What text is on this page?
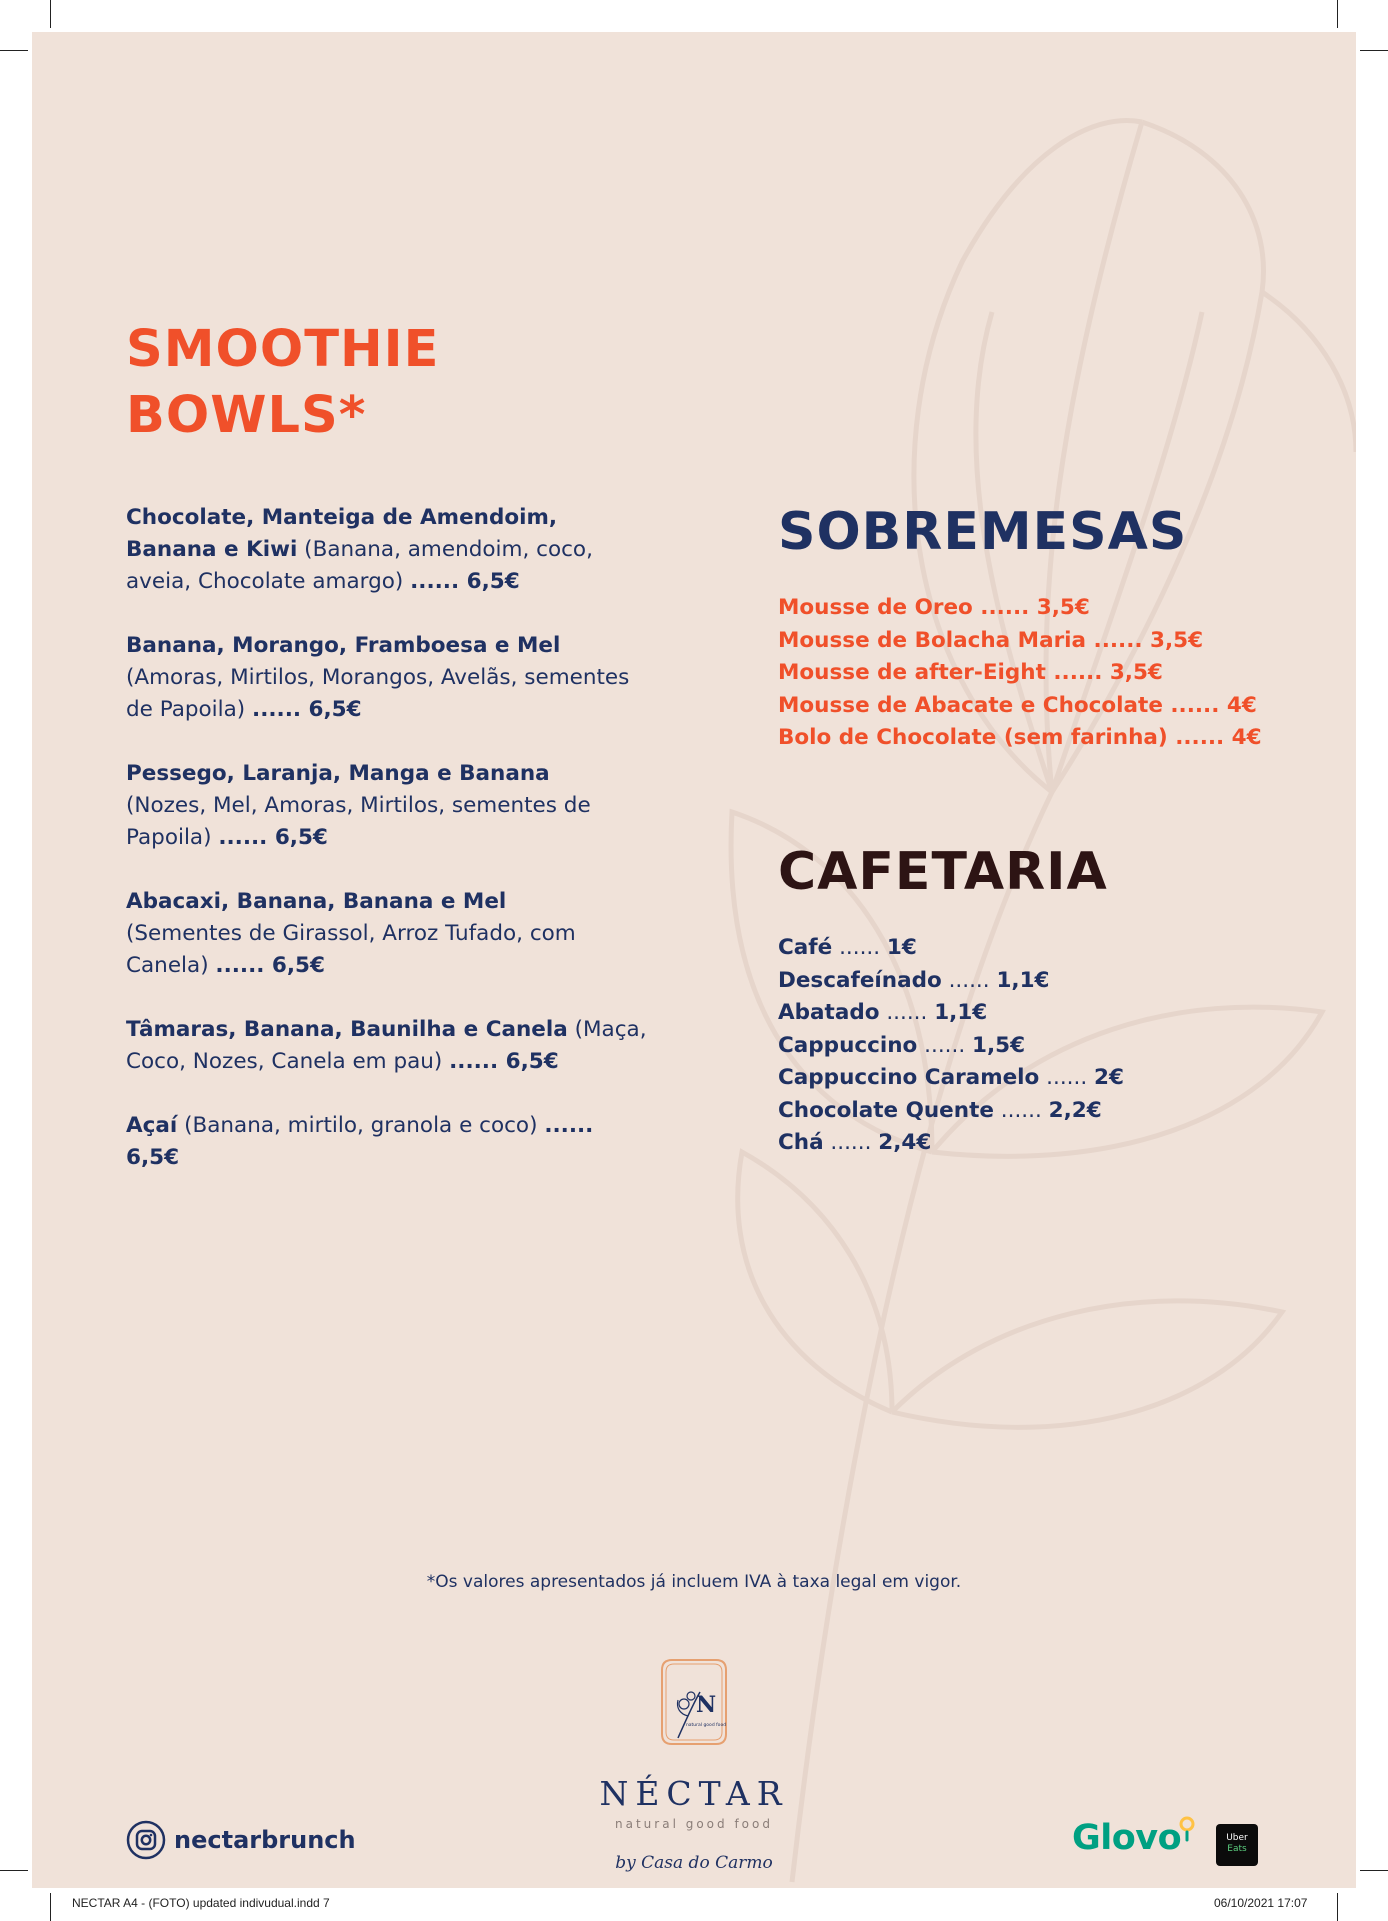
SMOOTHIE
BOWLS*

Chocolate, Manteiga de Amendoim, Banana e Kiwi (Banana, amendoim, coco, aveia, Chocolate amargo) ...... 6,5€

Banana, Morango, Framboesa e Mel (Amoras, Mirtilos, Morangos, Avelãs, sementes de Papoila) ...... 6,5€

Pessego, Laranja, Manga e Banana (Nozes, Mel, Amoras, Mirtilos, sementes de Papoila) ...... 6,5€

Abacaxi, Banana, Banana e Mel (Sementes de Girassol, Arroz Tufado, com Canela) ...... 6,5€

Tâmaras, Banana, Baunilha e Canela (Maça, Coco, Nozes, Canela em pau) ...... 6,5€

Açaí (Banana, mirtilo, granola e coco) ...... 6,5€

SOBREMESAS
Mousse de Oreo ...... 3,5€
Mousse de Bolacha Maria ...... 3,5€
Mousse de after-Eight ...... 3,5€
Mousse de Abacate e Chocolate ...... 4€
Bolo de Chocolate (sem farinha) ...... 4€
CAFETARIA
Café ...... 1€
Descafeínado ...... 1,1€
Abatado ...... 1,1€
Cappuccino ...... 1,5€
Cappuccino Caramelo ...... 2€
Chocolate Quente ...... 2,2€
Chá ...... 2,4€
*Os valores apresentados já incluem IVA à taxa legal em vigor.
N
natural good food
NÉCTAR
natural good food
by Casa do Carmo
nectarbrunch	Glovo	Uber
Eats
NECTAR A4 - (FOTO) updated indivudual.indd 7	06/10/2021 17:07
